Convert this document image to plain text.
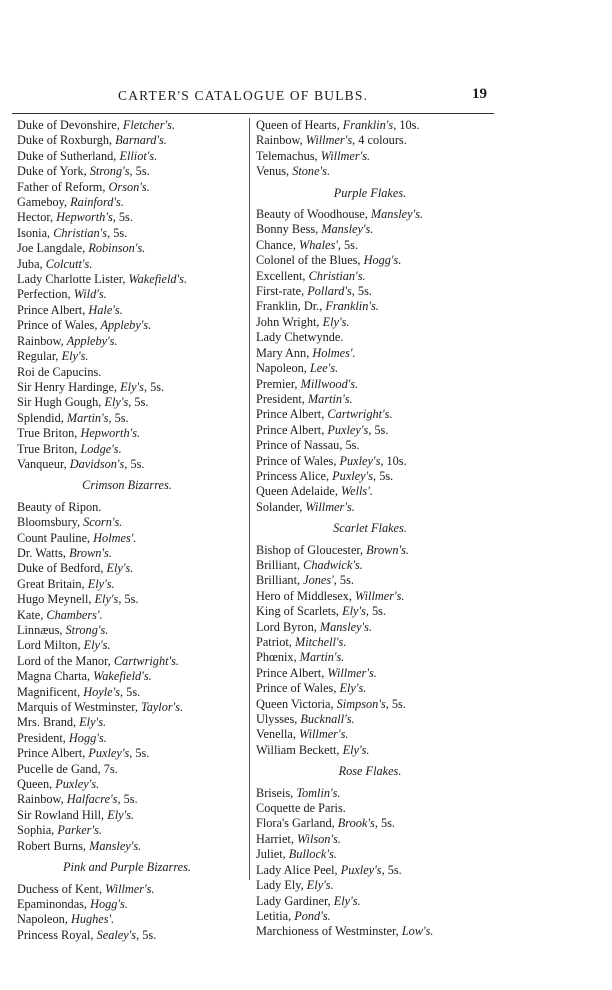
CARTER'S CATALOGUE OF BULBS.	19
Duke of Devonshire, Fletcher's.
Duke of Roxburgh, Barnard's.
Duke of Sutherland, Elliot's.
Duke of York, Strong's, 5s.
Father of Reform, Orson's.
Gameboy, Rainford's.
Hector, Hepworth's, 5s.
Isonia, Christian's, 5s.
Joe Langdale, Robinson's.
Juba, Colcutt's.
Lady Charlotte Lister, Wakefield's.
Perfection, Wild's.
Prince Albert, Hale's.
Prince of Wales, Appleby's.
Rainbow, Appleby's.
Regular, Ely's.
Roi de Capucins.
Sir Henry Hardinge, Ely's, 5s.
Sir Hugh Gough, Ely's, 5s.
Splendid, Martin's, 5s.
True Briton, Hepworth's.
True Briton, Lodge's.
Vanqueur, Davidson's, 5s.
Crimson Bizarres.
Beauty of Ripon.
Bloomsbury, Scorn's.
Count Pauline, Holmes'.
Dr. Watts, Brown's.
Duke of Bedford, Ely's.
Great Britain, Ely's.
Hugo Meynell, Ely's, 5s.
Kate, Chambers'.
Linnæus, Strong's.
Lord Milton, Ely's.
Lord of the Manor, Cartwright's.
Magna Charta, Wakefield's.
Magnificent, Hoyle's, 5s.
Marquis of Westminster, Taylor's.
Mrs. Brand, Ely's.
President, Hogg's.
Prince Albert, Puxley's, 5s.
Pucelle de Gand, 7s.
Queen, Puxley's.
Rainbow, Halfacre's, 5s.
Sir Rowland Hill, Ely's.
Sophia, Parker's.
Robert Burns, Mansley's.
Pink and Purple Bizarres.
Duchess of Kent, Willmer's.
Epaminondas, Hogg's.
Napoleon, Hughes'.
Princess Royal, Sealey's, 5s.
Queen of Hearts, Franklin's, 10s.
Rainbow, Willmer's, 4 colours.
Telemachus, Willmer's.
Venus, Stone's.
Purple Flakes.
Beauty of Woodhouse, Mansley's.
Bonny Bess, Mansley's.
Chance, Whales', 5s.
Colonel of the Blues, Hogg's.
Excellent, Christian's.
First-rate, Pollard's, 5s.
Franklin, Dr., Franklin's.
John Wright, Ely's.
Lady Chetwynde.
Mary Ann, Holmes'.
Napoleon, Lee's.
Premier, Millwood's.
President, Martin's.
Prince Albert, Cartwright's.
Prince Albert, Puxley's, 5s.
Prince of Nassau, 5s.
Prince of Wales, Puxley's, 10s.
Princess Alice, Puxley's, 5s.
Queen Adelaide, Wells'.
Solander, Willmer's.
Scarlet Flakes.
Bishop of Gloucester, Brown's.
Brilliant, Chadwick's.
Brilliant, Jones', 5s.
Hero of Middlesex, Willmer's.
King of Scarlets, Ely's, 5s.
Lord Byron, Mansley's.
Patriot, Mitchell's.
Phœnix, Martin's.
Prince Albert, Willmer's.
Prince of Wales, Ely's.
Queen Victoria, Simpson's, 5s.
Ulysses, Bucknall's.
Venella, Willmer's.
William Beckett, Ely's.
Rose Flakes.
Briseis, Tomlin's.
Coquette de Paris.
Flora's Garland, Brook's, 5s.
Harriet, Wilson's.
Juliet, Bullock's.
Lady Alice Peel, Puxley's, 5s.
Lady Ely, Ely's.
Lady Gardiner, Ely's.
Letitia, Pond's.
Marchioness of Westminster, Low's.
